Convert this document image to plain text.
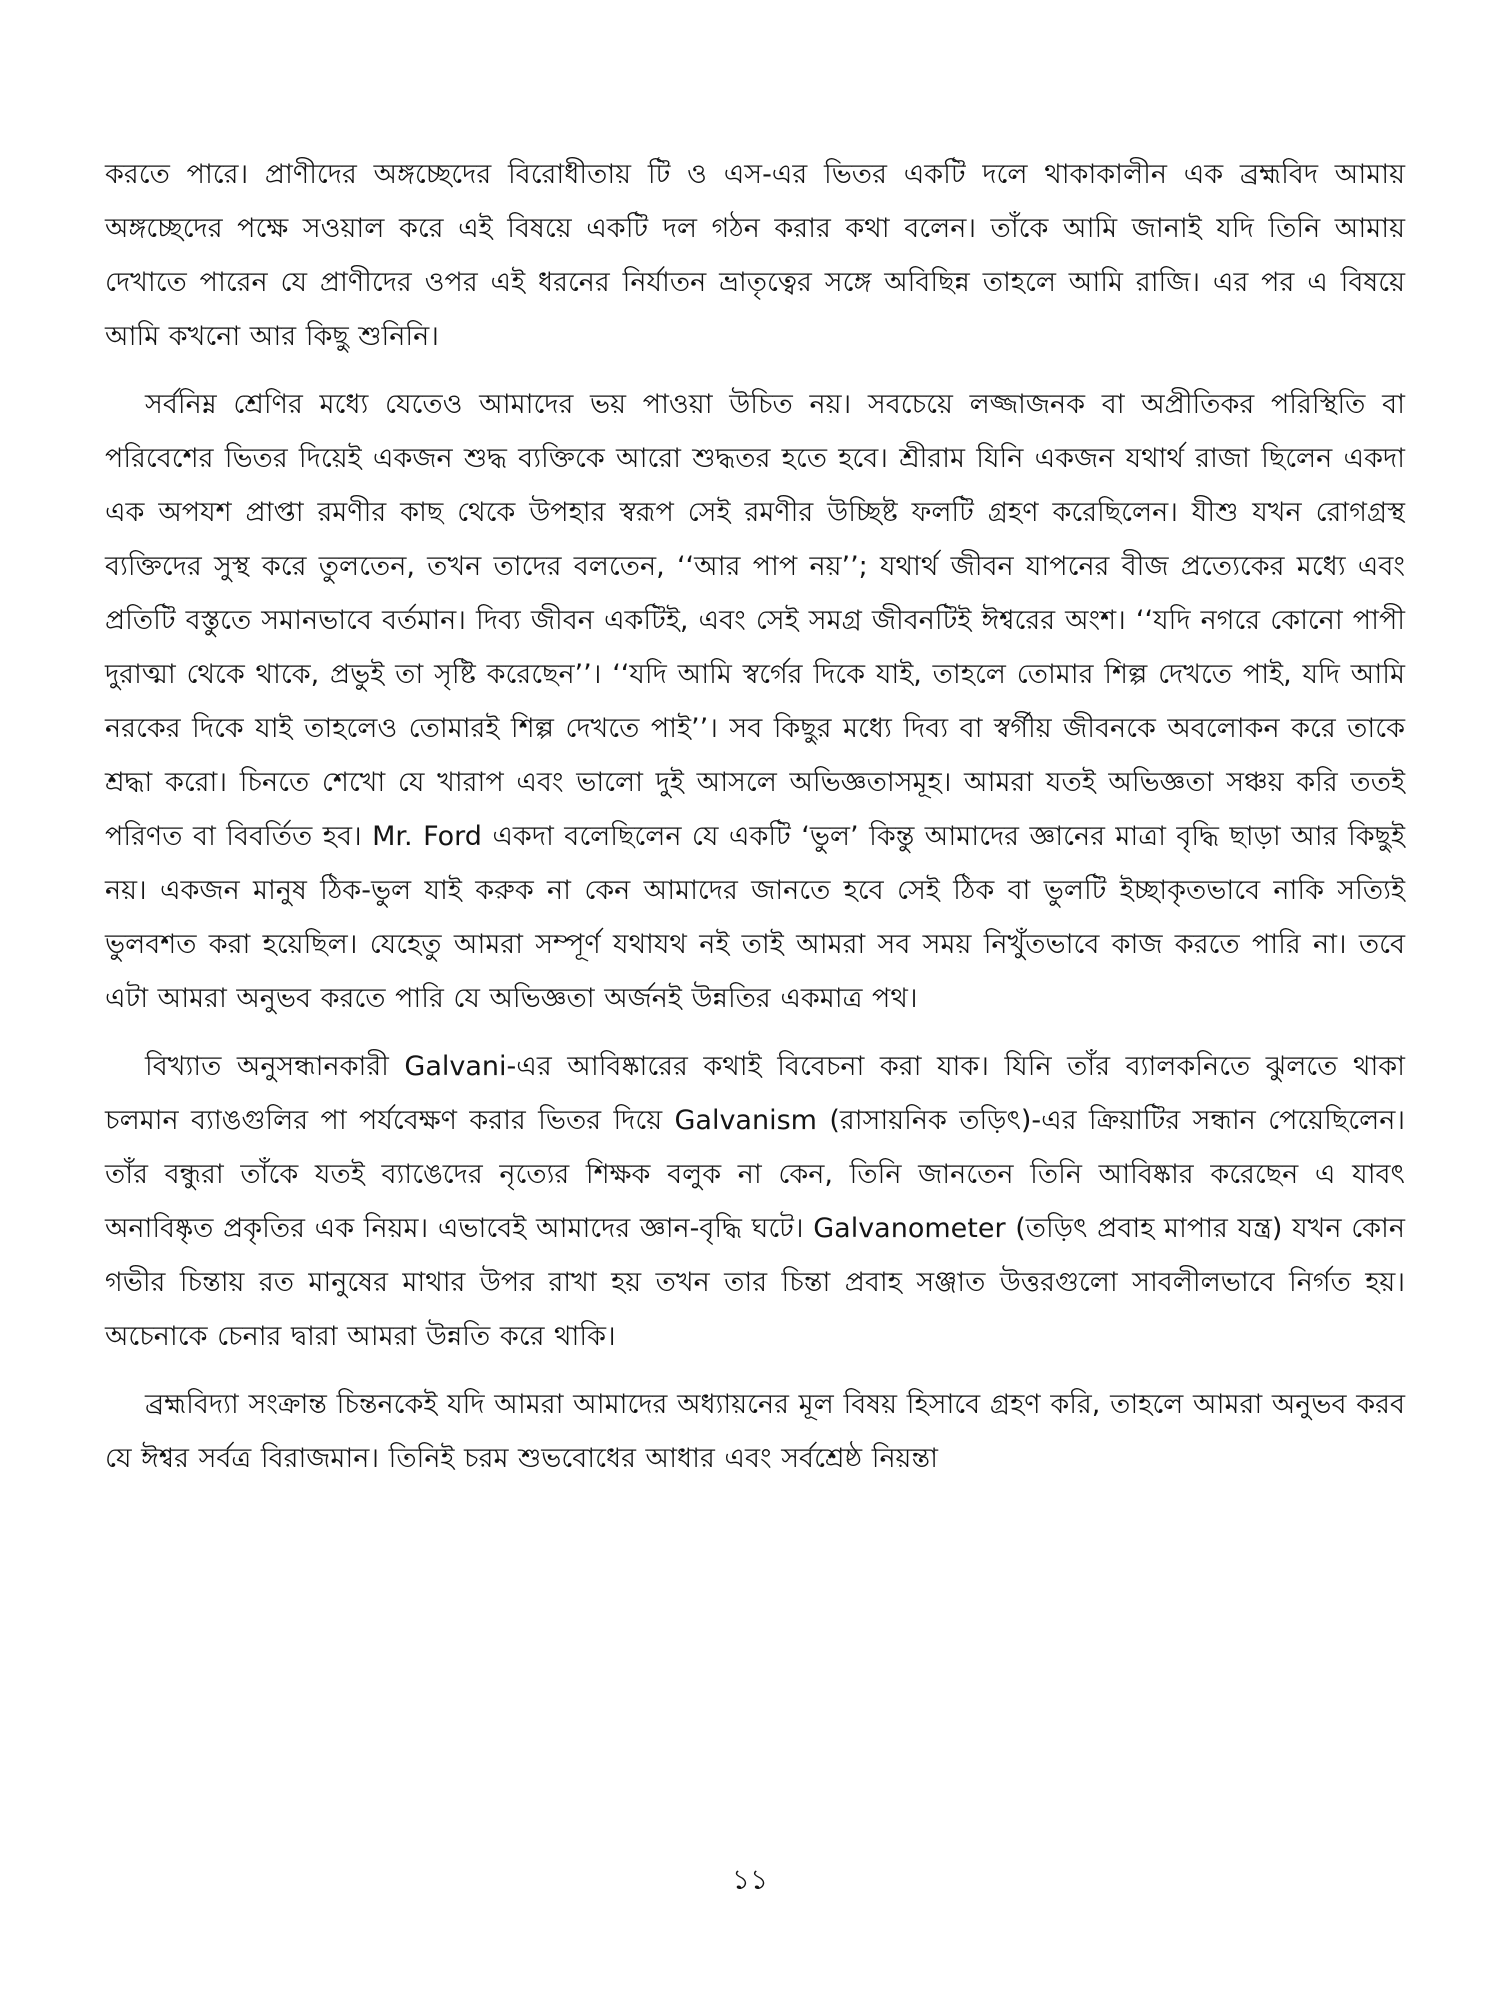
করতে পারে। প্রাণীদের অঙ্গচ্ছেদের বিরোধীতায় টি ও এস-এর ভিতর একটি দলে থাকাকালীন এক ব্রহ্মবিদ আমায় অঙ্গচ্ছেদের পক্ষে সওয়াল করে এই বিষয়ে একটি দল গঠন করার কথা বলেন। তাঁকে আমি জানাই যদি তিনি আমায় দেখাতে পারেন যে প্রাণীদের ওপর এই ধরনের নির্যাতন ভ্রাতৃত্বের সঙ্গে অবিছিন্ন তাহলে আমি রাজি। এর পর এ বিষয়ে আমি কখনো আর কিছু শুনিনি।

সর্বনিম্ন শ্রেণির মধ্যে যেতেও আমাদের ভয় পাওয়া উচিত নয়। সবচেয়ে লজ্জাজনক বা অপ্রীতিকর পরিস্থিতি বা পরিবেশের ভিতর দিয়েই একজন শুদ্ধ ব্যক্তিকে আরো শুদ্ধতর হতে হবে। শ্রীরাম যিনি একজন যথার্থ রাজা ছিলেন একদা এক অপযশ প্রাপ্তা রমণীর কাছ থেকে উপহার স্বরূপ সেই রমণীর উচ্ছিষ্ট ফলটি গ্রহণ করেছিলেন। যীশু যখন রোগগ্রস্থ ব্যক্তিদের সুস্থ করে তুলতেন, তখন তাদের বলতেন, ‘‘আর পাপ নয়’’; যথার্থ জীবন যাপনের বীজ প্রত্যেকের মধ্যে এবং প্রতিটি বস্তুতে সমানভাবে বর্তমান। দিব্য জীবন একটিই, এবং সেই সমগ্র জীবনটিই ঈশ্বরের অংশ। ‘‘যদি নগরে কোনো পাপী দুরাত্মা থেকে থাকে, প্রভুই তা সৃষ্টি করেছেন’’। ‘‘যদি আমি স্বর্গের দিকে যাই, তাহলে তোমার শিল্প দেখতে পাই, যদি আমি নরকের দিকে যাই তাহলেও তোমারই শিল্প দেখতে পাই’’। সব কিছুর মধ্যে দিব্য বা স্বর্গীয় জীবনকে অবলোকন করে তাকে শ্রদ্ধা করো। চিনতে শেখো যে খারাপ এবং ভালো দুই আসলে অভিজ্ঞতাসমূহ। আমরা যতই অভিজ্ঞতা সঞ্চয় করি ততই পরিণত বা বিবর্তিত হব। Mr. Ford একদা বলেছিলেন যে একটি ‘ভুল’ কিন্তু আমাদের জ্ঞানের মাত্রা বৃদ্ধি ছাড়া আর কিছুই নয়। একজন মানুষ ঠিক-ভুল যাই করুক না কেন আমাদের জানতে হবে সেই ঠিক বা ভুলটি ইচ্ছাকৃতভাবে নাকি সত্যিই ভুলবশত করা হয়েছিল। যেহেতু আমরা সম্পূর্ণ যথাযথ নই তাই আমরা সব সময় নিখুঁতভাবে কাজ করতে পারি না। তবে এটা আমরা অনুভব করতে পারি যে অভিজ্ঞতা অর্জনই উন্নতির একমাত্র পথ।

বিখ্যাত অনুসন্ধানকারী Galvani-এর আবিষ্কারের কথাই বিবেচনা করা যাক। যিনি তাঁর ব্যালকনিতে ঝুলতে থাকা চলমান ব্যাঙগুলির পা পর্যবেক্ষণ করার ভিতর দিয়ে Galvanism (রাসায়নিক তড়িৎ)-এর ক্রিয়াটির সন্ধান পেয়েছিলেন। তাঁর বন্ধুরা তাঁকে যতই ব্যাঙেদের নৃত্যের শিক্ষক বলুক না কেন, তিনি জানতেন তিনি আবিষ্কার করেছেন এ যাবৎ অনাবিষ্কৃত প্রকৃতির এক নিয়ম। এভাবেই আমাদের জ্ঞান-বৃদ্ধি ঘটে। Galvanometer (তড়িৎ প্রবাহ মাপার যন্ত্র) যখন কোন গভীর চিন্তায় রত মানুষের মাথার উপর রাখা হয় তখন তার চিন্তা প্রবাহ সঞ্জাত উত্তরগুলো সাবলীলভাবে নির্গত হয়। অচেনাকে চেনার দ্বারা আমরা উন্নতি করে থাকি।

ব্রহ্মবিদ্যা সংক্রান্ত চিন্তনকেই যদি আমরা আমাদের অধ্যায়নের মূল বিষয় হিসাবে গ্রহণ করি, তাহলে আমরা অনুভব করব যে ঈশ্বর সর্বত্র বিরাজমান। তিনিই চরম শুভবোধের আধার এবং সর্বশ্রেষ্ঠ নিয়ন্তা

১১
